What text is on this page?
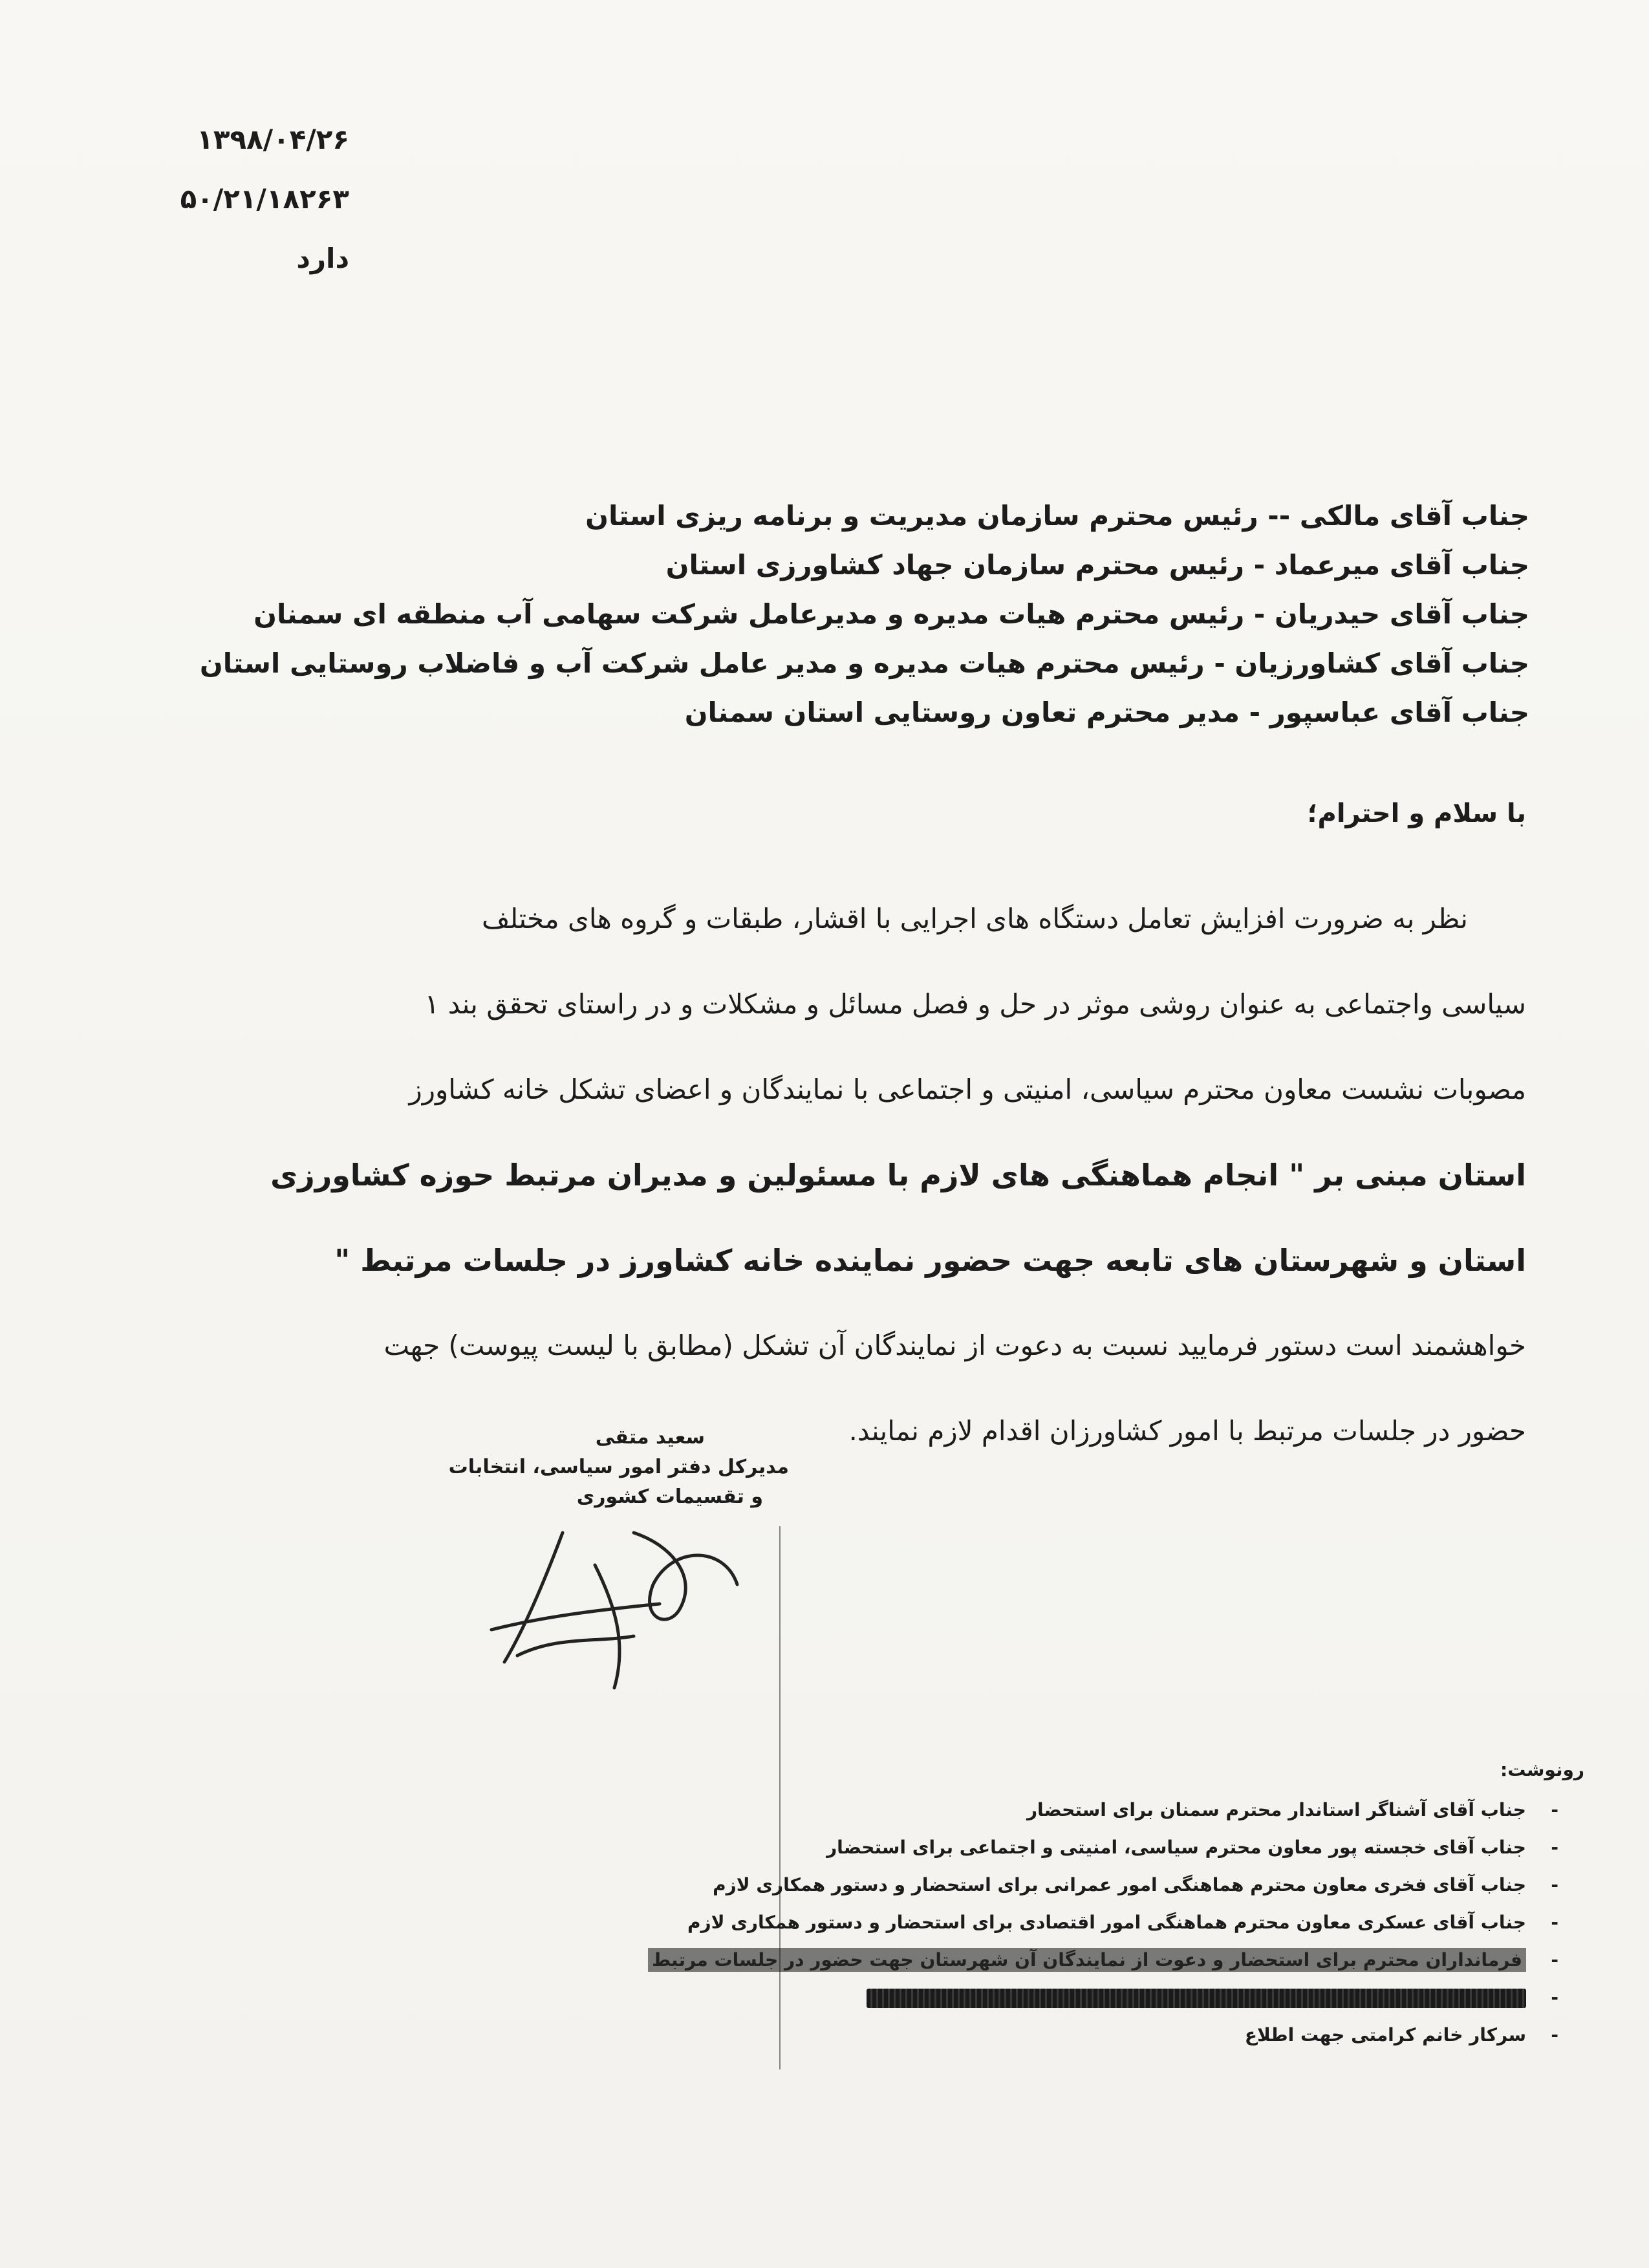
۱۳۹۸/۰۴/۲۶
۵۰/۲۱/۱۸۲۶۳
دارد
جناب آقای مالکی -- رئیس محترم سازمان مدیریت و برنامه ریزی استان
جناب آقای میرعماد - رئیس محترم سازمان جهاد کشاورزی استان
جناب آقای حیدریان - رئیس محترم هیات مدیره و مدیرعامل شرکت سهامی آب منطقه ای سمنان
جناب آقای کشاورزیان - رئیس محترم هیات مدیره و مدیر عامل شرکت آب و فاضلاب روستایی استان
جناب آقای عباسپور - مدیر محترم تعاون روستایی استان سمنان
با سلام و احترام؛
نظر به ضرورت افزایش تعامل دستگاه های اجرایی با اقشار، طبقات و گروه های مختلف
سیاسی واجتماعی به عنوان روشی موثر در حل و فصل مسائل و مشکلات و در راستای تحقق بند ۱
مصوبات نشست معاون محترم سیاسی، امنیتی و اجتماعی با نمایندگان و اعضای تشکل خانه کشاورز
استان مبنی بر " انجام هماهنگی های لازم با مسئولین و مدیران مرتبط حوزه کشاورزی
استان و شهرستان های تابعه جهت حضور نماینده خانه کشاورز در جلسات مرتبط "
خواهشمند است دستور فرمایید نسبت به دعوت از نمایندگان آن تشکل (مطابق با لیست پیوست) جهت
حضور در جلسات مرتبط با امور کشاورزان اقدام لازم نمایند.
سعید متقی
مدیرکل دفتر امور سیاسی، انتخابات
و تقسیمات کشوری
رونوشت:
-
جناب آقای آشناگر استاندار محترم سمنان برای استحضار
-
جناب آقای خجسته پور معاون محترم سیاسی، امنیتی و اجتماعی برای استحضار
-
جناب آقای فخری معاون محترم هماهنگی امور عمرانی برای استحضار و دستور همکاری لازم
-
جناب آقای عسکری معاون محترم هماهنگی امور اقتصادی برای استحضار و دستور همکاری لازم
-
فرمانداران محترم برای استحضار و دعوت از نمایندگان آن شهرستان جهت حضور در جلسات مرتبط
-
-
سرکار خانم کرامتی جهت اطلاع
